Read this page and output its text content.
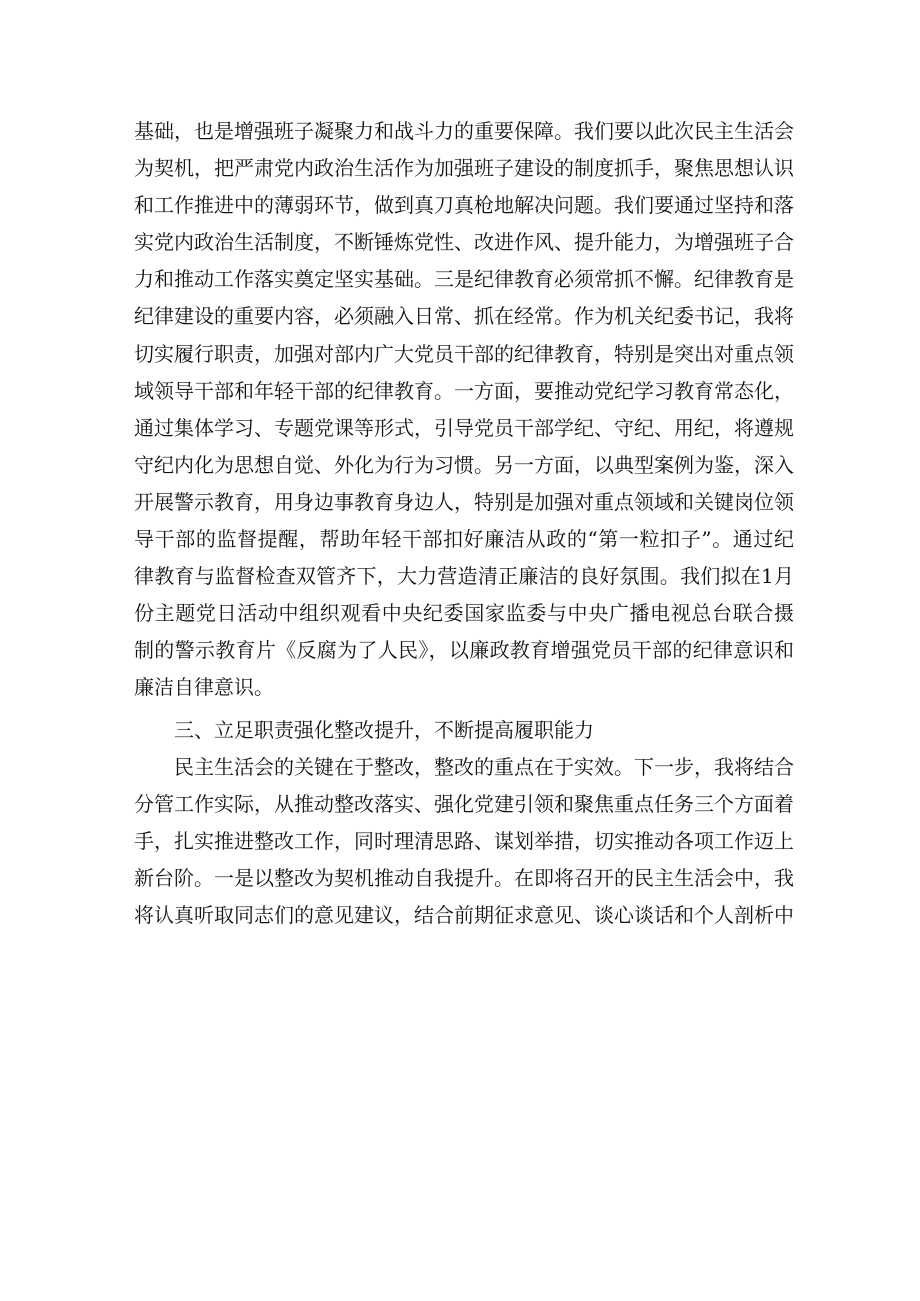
基础，也是增强班子凝聚力和战斗力的重要保障。我们要以此次民主生活会
为契机，把严肃党内政治生活作为加强班子建设的制度抓手，聚焦思想认识
和工作推进中的薄弱环节，做到真刀真枪地解决问题。我们要通过坚持和落
实党内政治生活制度，不断锤炼党性、改进作风、提升能力，为增强班子合
力和推动工作落实奠定坚实基础。三是纪律教育必须常抓不懈。纪律教育是
纪律建设的重要内容，必须融入日常、抓在经常。作为机关纪委书记，我将
切实履行职责，加强对部内广大党员干部的纪律教育，特别是突出对重点领
域领导干部和年轻干部的纪律教育。一方面，要推动党纪学习教育常态化，
通过集体学习、专题党课等形式，引导党员干部学纪、守纪、用纪，将遵规
守纪内化为思想自觉、外化为行为习惯。另一方面，以典型案例为鉴，深入
开展警示教育，用身边事教育身边人，特别是加强对重点领域和关键岗位领
导干部的监督提醒，帮助年轻干部扣好廉洁从政的“第一粒扣子”。通过纪
律教育与监督检查双管齐下，大力营造清正廉洁的良好氛围。我们拟在1月
份主题党日活动中组织观看中央纪委国家监委与中央广播电视总台联合摄
制的警示教育片《反腐为了人民》，以廉政教育增强党员干部的纪律意识和
廉洁自律意识。
三、立足职责强化整改提升，不断提高履职能力
民主生活会的关键在于整改，整改的重点在于实效。下一步，我将结合
分管工作实际，从推动整改落实、强化党建引领和聚焦重点任务三个方面着
手，扎实推进整改工作，同时理清思路、谋划举措，切实推动各项工作迈上
新台阶。一是以整改为契机推动自我提升。在即将召开的民主生活会中，我
将认真听取同志们的意见建议，结合前期征求意见、谈心谈话和个人剖析中
